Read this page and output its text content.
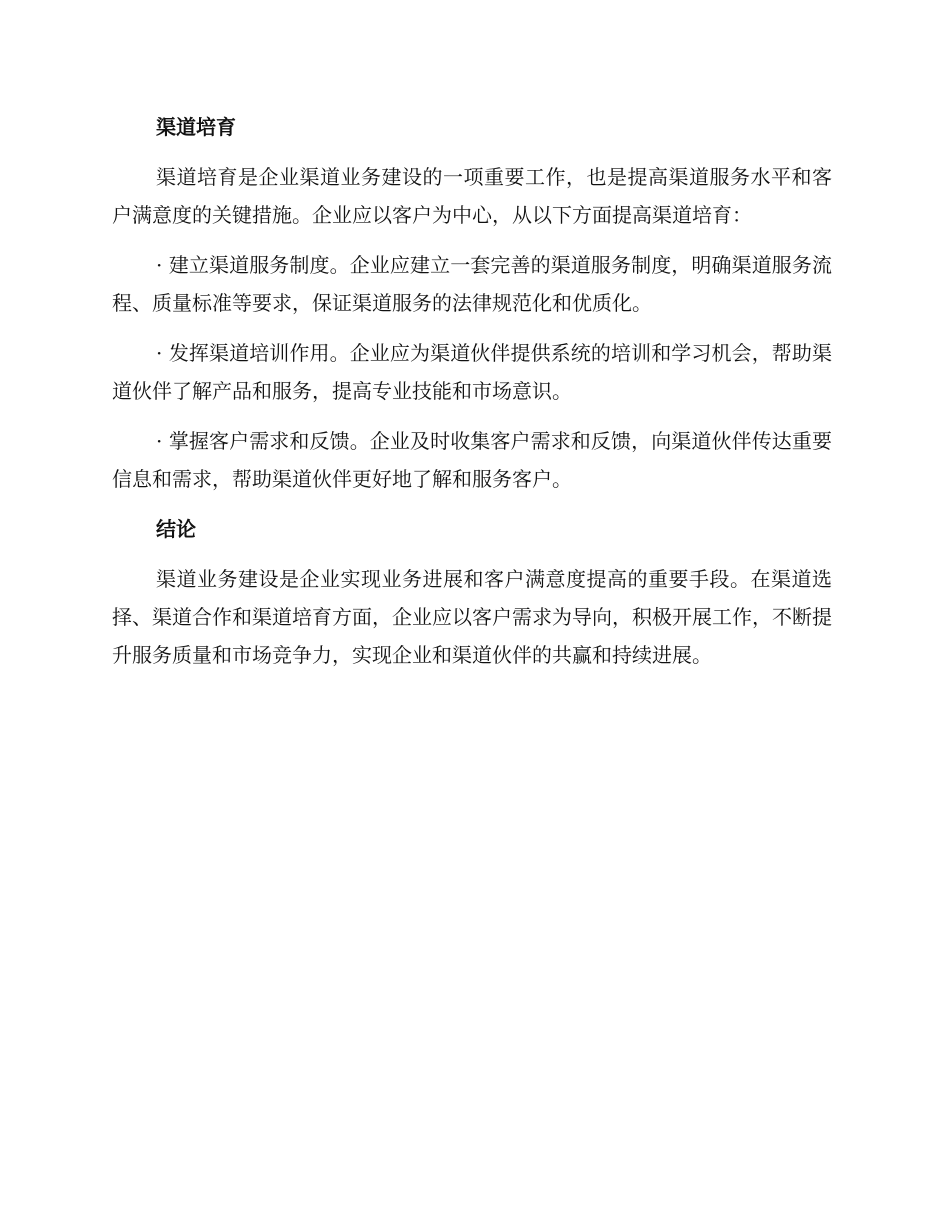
渠道培育

渠道培育是企业渠道业务建设的一项重要工作，也是提高渠道服务水平和客户满意度的关键措施。企业应以客户为中心，从以下方面提高渠道培育：

· 建立渠道服务制度。企业应建立一套完善的渠道服务制度，明确渠道服务流程、质量标准等要求，保证渠道服务的法律规范化和优质化。

· 发挥渠道培训作用。企业应为渠道伙伴提供系统的培训和学习机会，帮助渠道伙伴了解产品和服务，提高专业技能和市场意识。

· 掌握客户需求和反馈。企业及时收集客户需求和反馈，向渠道伙伴传达重要信息和需求，帮助渠道伙伴更好地了解和服务客户。

结论

渠道业务建设是企业实现业务进展和客户满意度提高的重要手段。在渠道选择、渠道合作和渠道培育方面，企业应以客户需求为导向，积极开展工作，不断提升服务质量和市场竞争力，实现企业和渠道伙伴的共赢和持续进展。
